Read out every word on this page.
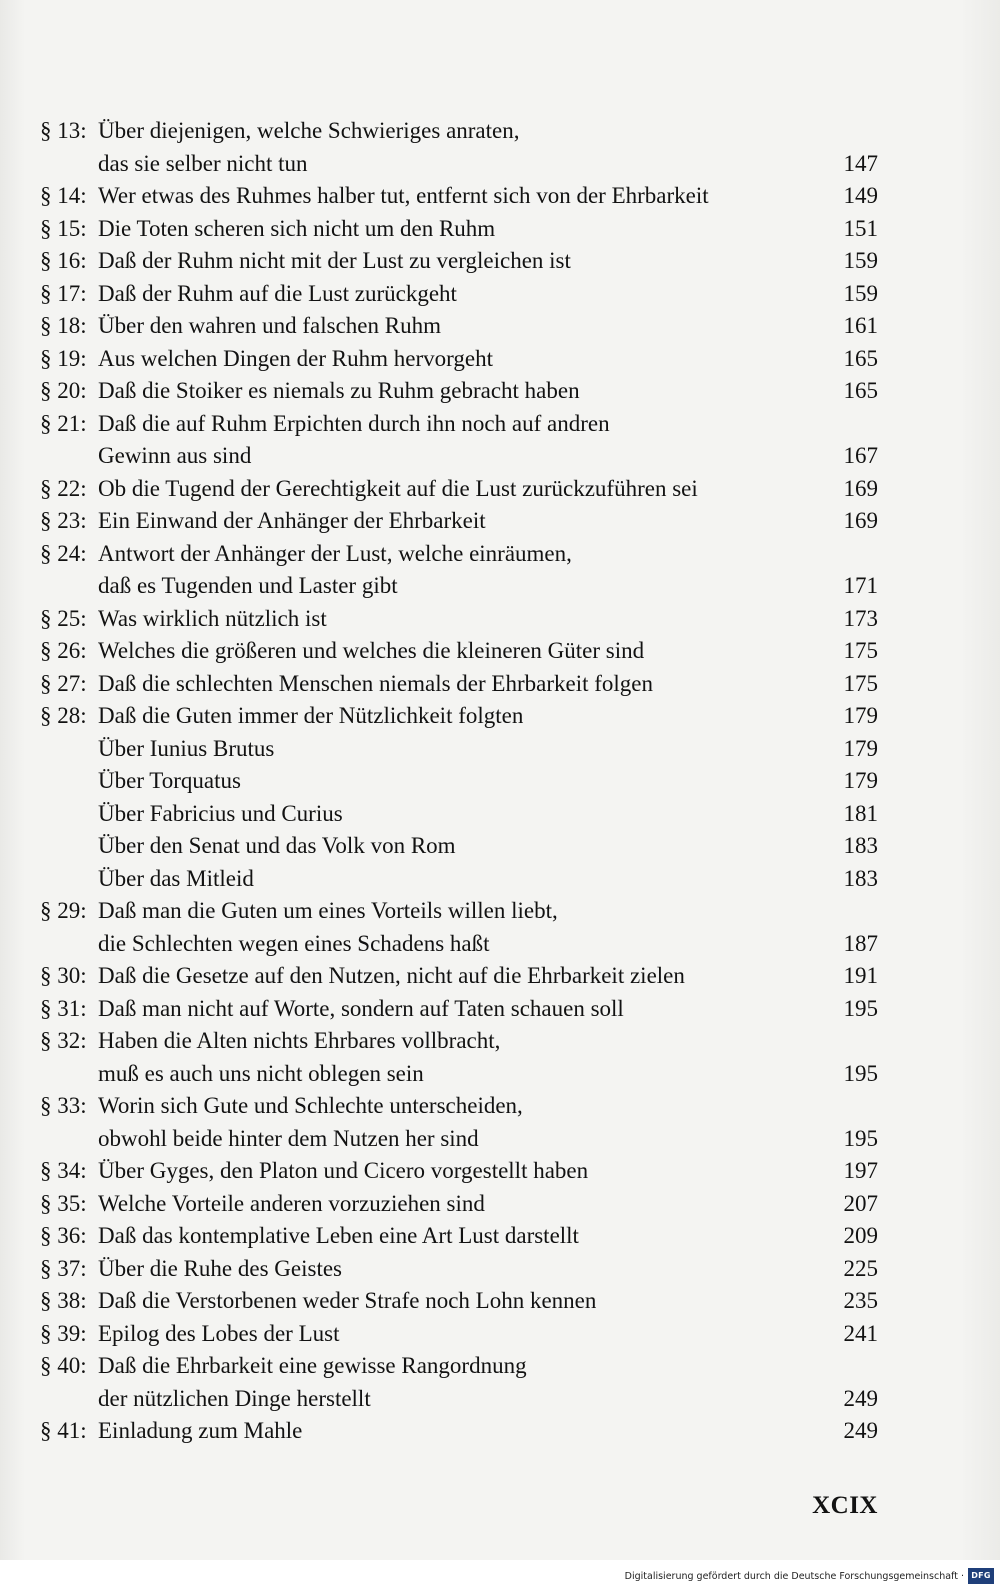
§ 13: Über diejenigen, welche Schwieriges anraten,
das sie selber nicht tun	147
§ 14: Wer etwas des Ruhmes halber tut, entfernt sich von der Ehrbarkeit	149
§ 15: Die Toten scheren sich nicht um den Ruhm	151
§ 16: Daß der Ruhm nicht mit der Lust zu vergleichen ist	159
§ 17: Daß der Ruhm auf die Lust zurückgeht	159
§ 18: Über den wahren und falschen Ruhm	161
§ 19: Aus welchen Dingen der Ruhm hervorgeht	165
§ 20: Daß die Stoiker es niemals zu Ruhm gebracht haben	165
§ 21: Daß die auf Ruhm Erpichten durch ihn noch auf andren
Gewinn aus sind	167
§ 22: Ob die Tugend der Gerechtigkeit auf die Lust zurückzuführen sei	169
§ 23: Ein Einwand der Anhänger der Ehrbarkeit	169
§ 24: Antwort der Anhänger der Lust, welche einräumen,
daß es Tugenden und Laster gibt	171
§ 25: Was wirklich nützlich ist	173
§ 26: Welches die größeren und welches die kleineren Güter sind	175
§ 27: Daß die schlechten Menschen niemals der Ehrbarkeit folgen	175
§ 28: Daß die Guten immer der Nützlichkeit folgten	179
Über Iunius Brutus	179
Über Torquatus	179
Über Fabricius und Curius	181
Über den Senat und das Volk von Rom	183
Über das Mitleid	183
§ 29: Daß man die Guten um eines Vorteils willen liebt,
die Schlechten wegen eines Schadens haßt	187
§ 30: Daß die Gesetze auf den Nutzen, nicht auf die Ehrbarkeit zielen	191
§ 31: Daß man nicht auf Worte, sondern auf Taten schauen soll	195
§ 32: Haben die Alten nichts Ehrbares vollbracht,
muß es auch uns nicht oblegen sein	195
§ 33: Worin sich Gute und Schlechte unterscheiden,
obwohl beide hinter dem Nutzen her sind	195
§ 34: Über Gyges, den Platon und Cicero vorgestellt haben	197
§ 35: Welche Vorteile anderen vorzuziehen sind	207
§ 36: Daß das kontemplative Leben eine Art Lust darstellt	209
§ 37: Über die Ruhe des Geistes	225
§ 38: Daß die Verstorbenen weder Strafe noch Lohn kennen	235
§ 39: Epilog des Lobes der Lust	241
§ 40: Daß die Ehrbarkeit eine gewisse Rangordnung
der nützlichen Dinge herstellt	249
§ 41: Einladung zum Mahle	249
XCIX
Digitalisierung gefördert durch die Deutsche Forschungsgemeinschaft · DFG
